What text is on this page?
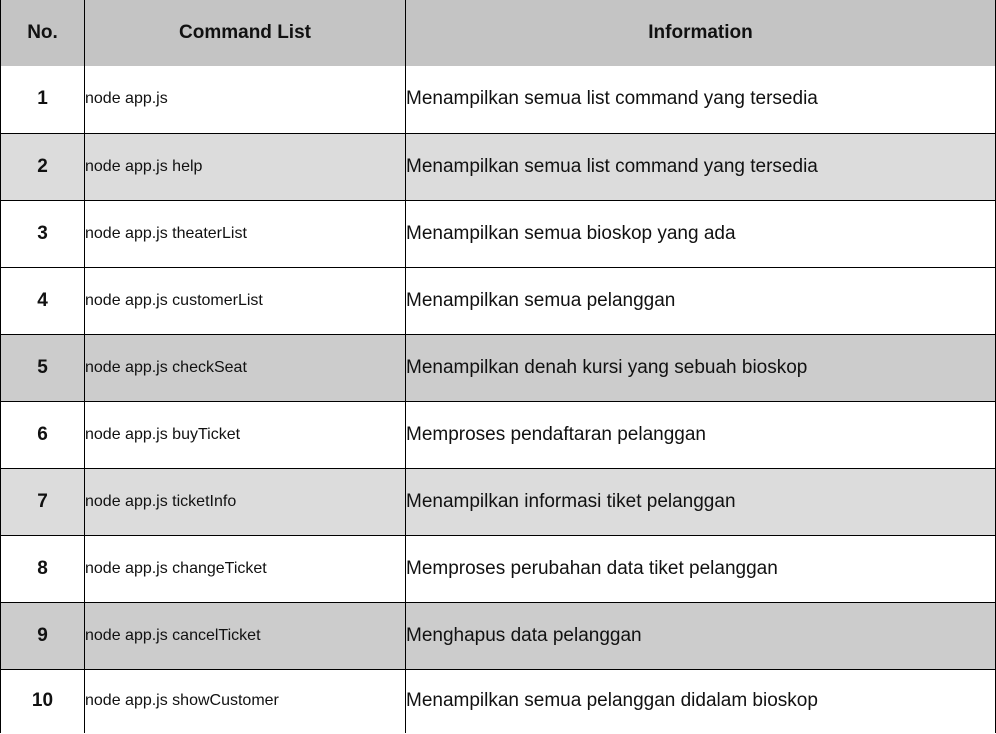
No.	Command List	Information
1	node app.js	Menampilkan semua list command yang tersedia
2	node app.js help	Menampilkan semua list command yang tersedia
3	node app.js theaterList	Menampilkan semua bioskop yang ada
4	node app.js customerList	Menampilkan semua pelanggan
5	node app.js checkSeat	Menampilkan denah kursi yang sebuah bioskop
6	node app.js buyTicket	Memproses pendaftaran pelanggan
7	node app.js ticketInfo	Menampilkan informasi tiket pelanggan
8	node app.js changeTicket	Memproses perubahan data tiket pelanggan
9	node app.js cancelTicket	Menghapus data pelanggan
10	node app.js showCustomer	Menampilkan semua pelanggan didalam bioskop
